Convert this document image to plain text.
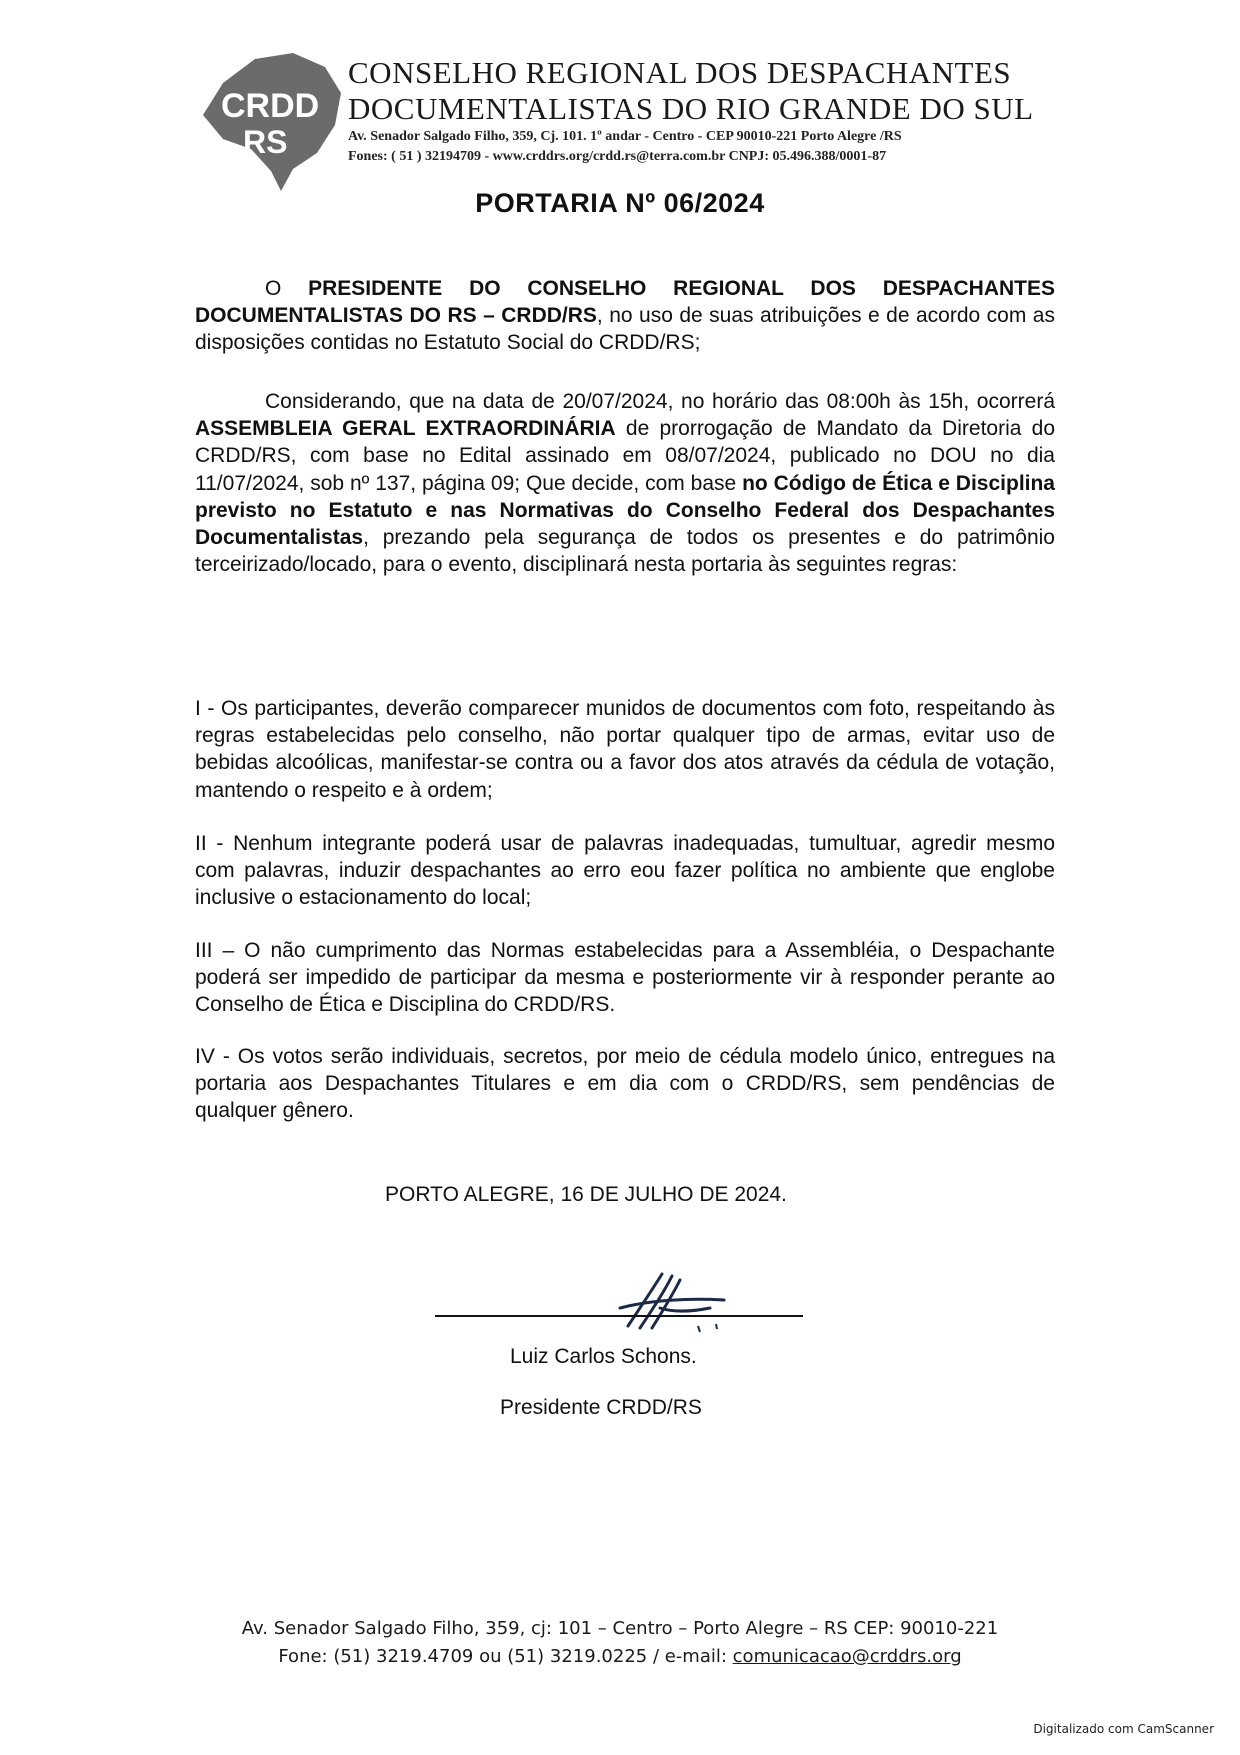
CRDD
RS
CONSELHO REGIONAL DOS DESPACHANTES
DOCUMENTALISTAS DO RIO GRANDE DO SUL
Av. Senador Salgado Filho, 359, Cj. 101. 1º andar - Centro - CEP 90010-221 Porto Alegre /RS
Fones: ( 51 ) 32194709 - www.crddrs.org/crdd.rs@terra.com.br CNPJ: 05.496.388/0001-87
PORTARIA Nº 06/2024

O PRESIDENTE DO CONSELHO REGIONAL DOS DESPACHANTES DOCUMENTALISTAS DO RS – CRDD/RS, no uso de suas atribuições e de acordo com as disposições contidas no Estatuto Social do CRDD/RS;

Considerando, que na data de 20/07/2024, no horário das 08:00h às 15h, ocorrerá ASSEMBLEIA GERAL EXTRAORDINÁRIA de prorrogação de Mandato da Diretoria do CRDD/RS, com base no Edital assinado em 08/07/2024, publicado no DOU no dia 11/07/2024, sob nº 137, página 09; Que decide, com base no Código de Ética e Disciplina previsto no Estatuto e nas Normativas do Conselho Federal dos Despachantes Documentalistas, prezando pela segurança de todos os presentes e do patrimônio terceirizado/locado, para o evento, disciplinará nesta portaria às seguintes regras:

I - Os participantes, deverão comparecer munidos de documentos com foto, respeitando às regras estabelecidas pelo conselho, não portar qualquer tipo de armas, evitar uso de bebidas alcoólicas, manifestar-se contra ou a favor dos atos através da cédula de votação, mantendo o respeito e à ordem;

II - Nenhum integrante poderá usar de palavras inadequadas, tumultuar, agredir mesmo com palavras, induzir despachantes ao erro eou fazer política no ambiente que englobe inclusive o estacionamento do local;

III – O não cumprimento das Normas estabelecidas para a Assembléia, o Despachante poderá ser impedido de participar da mesma e posteriormente vir à responder perante ao Conselho de Ética e Disciplina do CRDD/RS.

IV - Os votos serão individuais, secretos, por meio de cédula modelo único, entregues na portaria aos Despachantes Titulares e em dia com o CRDD/RS, sem pendências de qualquer gênero.

PORTO ALEGRE, 16 DE JULHO DE 2024.
Luiz Carlos Schons.
Presidente CRDD/RS
Av. Senador Salgado Filho, 359, cj: 101 – Centro – Porto Alegre – RS CEP: 90010-221
Fone: (51) 3219.4709 ou (51) 3219.0225 / e-mail: comunicacao@crddrs.org
Digitalizado com CamScanner
